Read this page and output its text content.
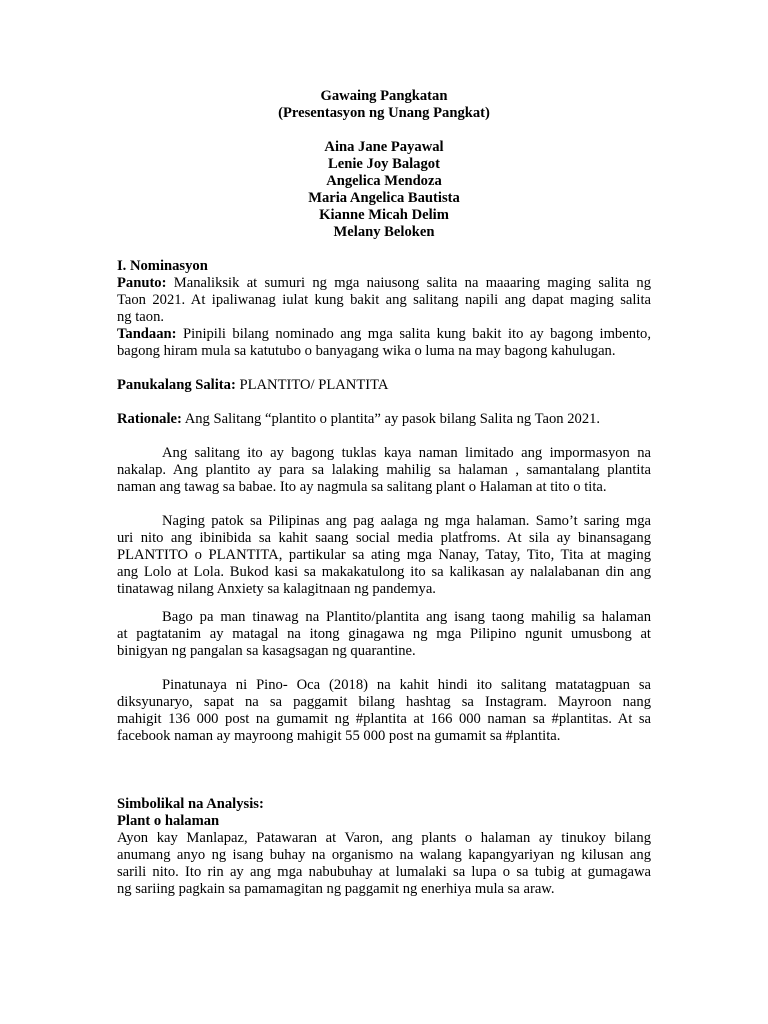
Gawaing Pangkatan
(Presentasyon ng Unang Pangkat)
Aina Jane Payawal
Lenie Joy Balagot
Angelica Mendoza
Maria Angelica Bautista
Kianne Micah Delim
Melany Beloken
I. Nominasyon
Panuto: Manaliksik at sumuri ng mga naiusong salita na maaaring maging salita ng
Taon 2021. At ipaliwanag iulat kung bakit ang salitang napili ang dapat maging salita
ng taon.
Tandaan: Pinipili bilang nominado ang mga salita kung bakit ito ay bagong imbento,
bagong hiram mula sa katutubo o banyagang wika o luma na may bagong kahulugan.
Panukalang Salita: PLANTITO/ PLANTITA
Rationale: Ang Salitang “plantito o plantita” ay pasok bilang Salita ng Taon 2021.
Ang salitang ito ay bagong tuklas kaya naman limitado ang impormasyon na
nakalap. Ang plantito ay para sa lalaking mahilig sa halaman , samantalang plantita
naman ang tawag sa babae. Ito ay nagmula sa salitang plant o Halaman at tito o tita.
Naging patok sa Pilipinas ang pag aalaga ng mga halaman. Samo’t saring mga
uri nito ang ibinibida sa kahit saang social media platfroms. At sila ay binansagang
PLANTITO o PLANTITA, partikular sa ating mga Nanay, Tatay, Tito, Tita at maging
ang Lolo at Lola. Bukod kasi sa makakatulong ito sa kalikasan ay nalalabanan din ang
tinatawag nilang Anxiety sa kalagitnaan ng pandemya.
Bago pa man tinawag na Plantito/plantita ang isang taong mahilig sa halaman
at pagtatanim ay matagal na itong ginagawa ng mga Pilipino ngunit umusbong at
binigyan ng pangalan sa kasagsagan ng quarantine.
Pinatunaya ni Pino- Oca (2018) na kahit hindi ito salitang matatagpuan sa
diksyunaryo, sapat na sa paggamit bilang hashtag sa Instagram. Mayroon nang
mahigit 136 000 post na gumamit ng #plantita at 166 000 naman sa #plantitas. At sa
facebook naman ay mayroong mahigit 55 000 post na gumamit sa #plantita.
Simbolikal na Analysis:
Plant o halaman
Ayon kay Manlapaz, Patawaran at Varon, ang plants o halaman ay tinukoy bilang
anumang anyo ng isang buhay na organismo na walang kapangyariyan ng kilusan ang
sarili nito. Ito rin ay ang mga nabubuhay at lumalaki sa lupa o sa tubig at gumagawa
ng sariing pagkain sa pamamagitan ng paggamit ng enerhiya mula sa araw.
